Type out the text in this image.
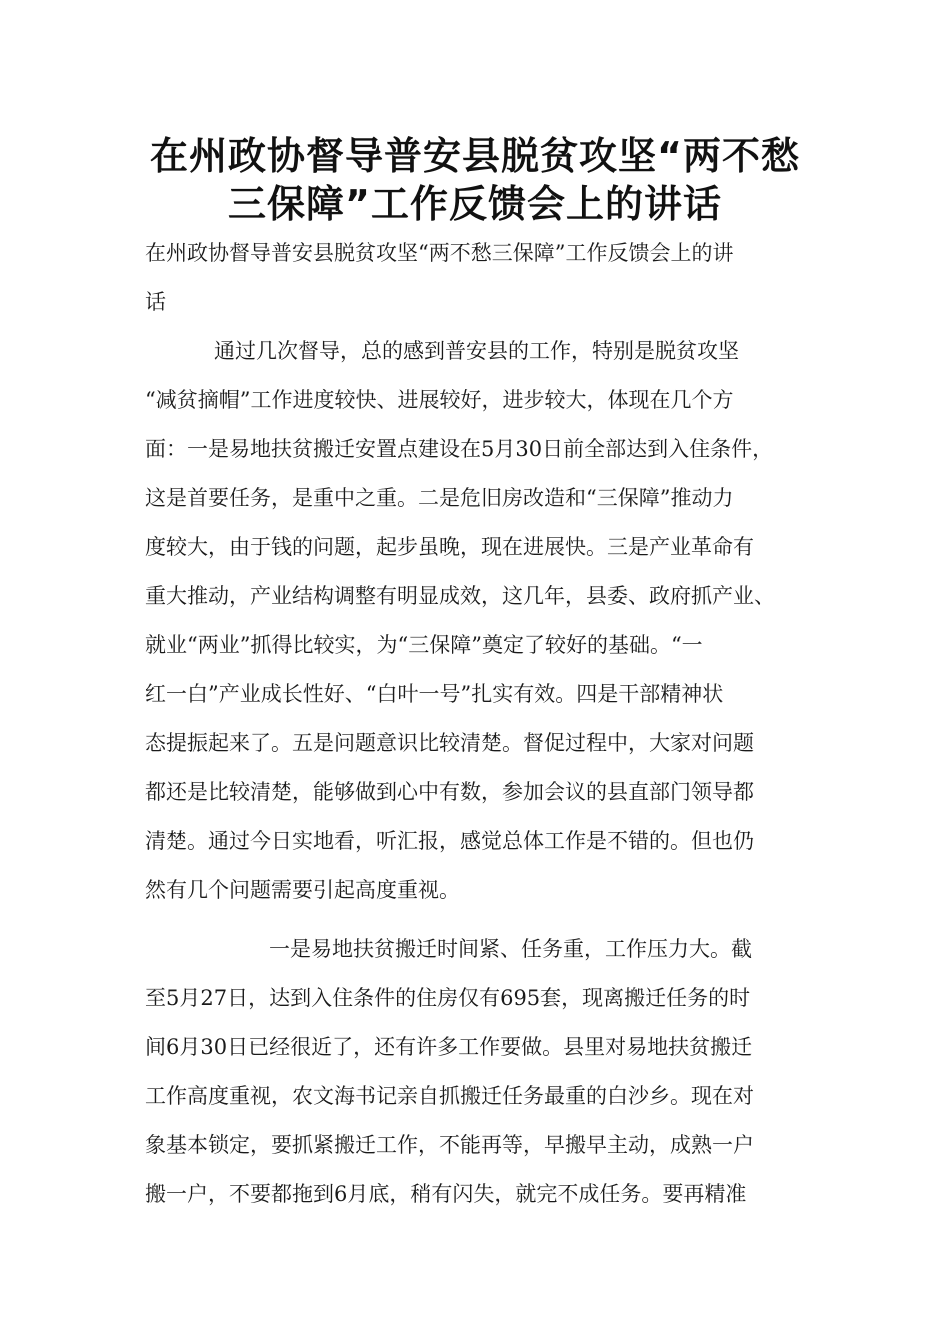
在州政协督导普安县脱贫攻坚“两不愁
三保障”工作反馈会上的讲话
在州政协督导普安县脱贫攻坚“两不愁三保障”工作反馈会上的讲
话
通过几次督导，总的感到普安县的工作，特别是脱贫攻坚
“减贫摘帽”工作进度较快、进展较好，进步较大，体现在几个方
面：一是易地扶贫搬迁安置点建设在5月30日前全部达到入住条件，
这是首要任务，是重中之重。二是危旧房改造和“三保障”推动力
度较大，由于钱的问题，起步虽晚，现在进展快。三是产业革命有
重大推动，产业结构调整有明显成效，这几年，县委、政府抓产业、
就业“两业”抓得比较实，为“三保障”奠定了较好的基础。“一
红一白”产业成长性好、“白叶一号”扎实有效。四是干部精神状
态提振起来了。五是问题意识比较清楚。督促过程中，大家对问题
都还是比较清楚，能够做到心中有数，参加会议的县直部门领导都
清楚。通过今日实地看，听汇报，感觉总体工作是不错的。但也仍
然有几个问题需要引起高度重视。
一是易地扶贫搬迁时间紧、任务重，工作压力大。截
至5月27日，达到入住条件的住房仅有695套，现离搬迁任务的时
间6月30日已经很近了，还有许多工作要做。县里对易地扶贫搬迁
工作高度重视，农文海书记亲自抓搬迁任务最重的白沙乡。现在对
象基本锁定，要抓紧搬迁工作，不能再等，早搬早主动，成熟一户
搬一户，不要都拖到6月底，稍有闪失，就完不成任务。要再精准
